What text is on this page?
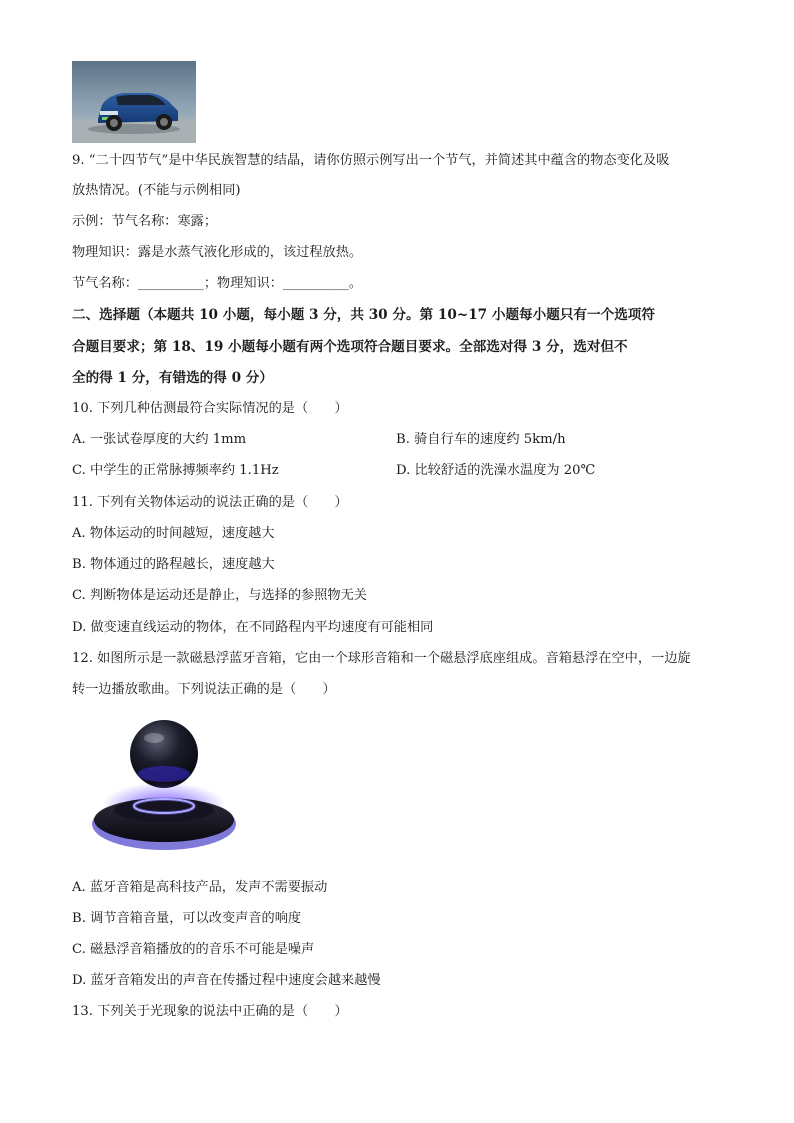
9. “二十四节气”是中华民族智慧的结晶，请你仿照示例写出一个节气，并简述其中蕴含的物态变化及吸
放热情况。(不能与示例相同)
示例：节气名称：寒露；
物理知识：露是水蒸气液化形成的，该过程放热。
节气名称：__________；物理知识：__________。
二、选择题（本题共 10 小题，每小题 3 分，共 30 分。第 10~17 小题每小题只有一个选项符
合题目要求；第 18、19 小题每小题有两个选项符合题目要求。全部选对得 3 分，选对但不
全的得 1 分，有错选的得 0 分）
10. 下列几种估测最符合实际情况的是（　　）
A. 一张试卷厚度的大约 1mm	B. 骑自行车的速度约 5km/h
C. 中学生的正常脉搏频率约 1.1Hz	D. 比较舒适的洗澡水温度为 20℃
11. 下列有关物体运动的说法正确的是（　　）
A. 物体运动的时间越短，速度越大
B. 物体通过的路程越长，速度越大
C. 判断物体是运动还是静止，与选择的参照物无关
D. 做变速直线运动的物体，在不同路程内平均速度有可能相同
12. 如图所示是一款磁悬浮蓝牙音箱，它由一个球形音箱和一个磁悬浮底座组成。音箱悬浮在空中，一边旋
转一边播放歌曲。下列说法正确的是（　　）
A. 蓝牙音箱是高科技产品，发声不需要振动
B. 调节音箱音量，可以改变声音的响度
C. 磁悬浮音箱播放的的音乐不可能是噪声
D. 蓝牙音箱发出的声音在传播过程中速度会越来越慢
13. 下列关于光现象的说法中正确的是（　　）
